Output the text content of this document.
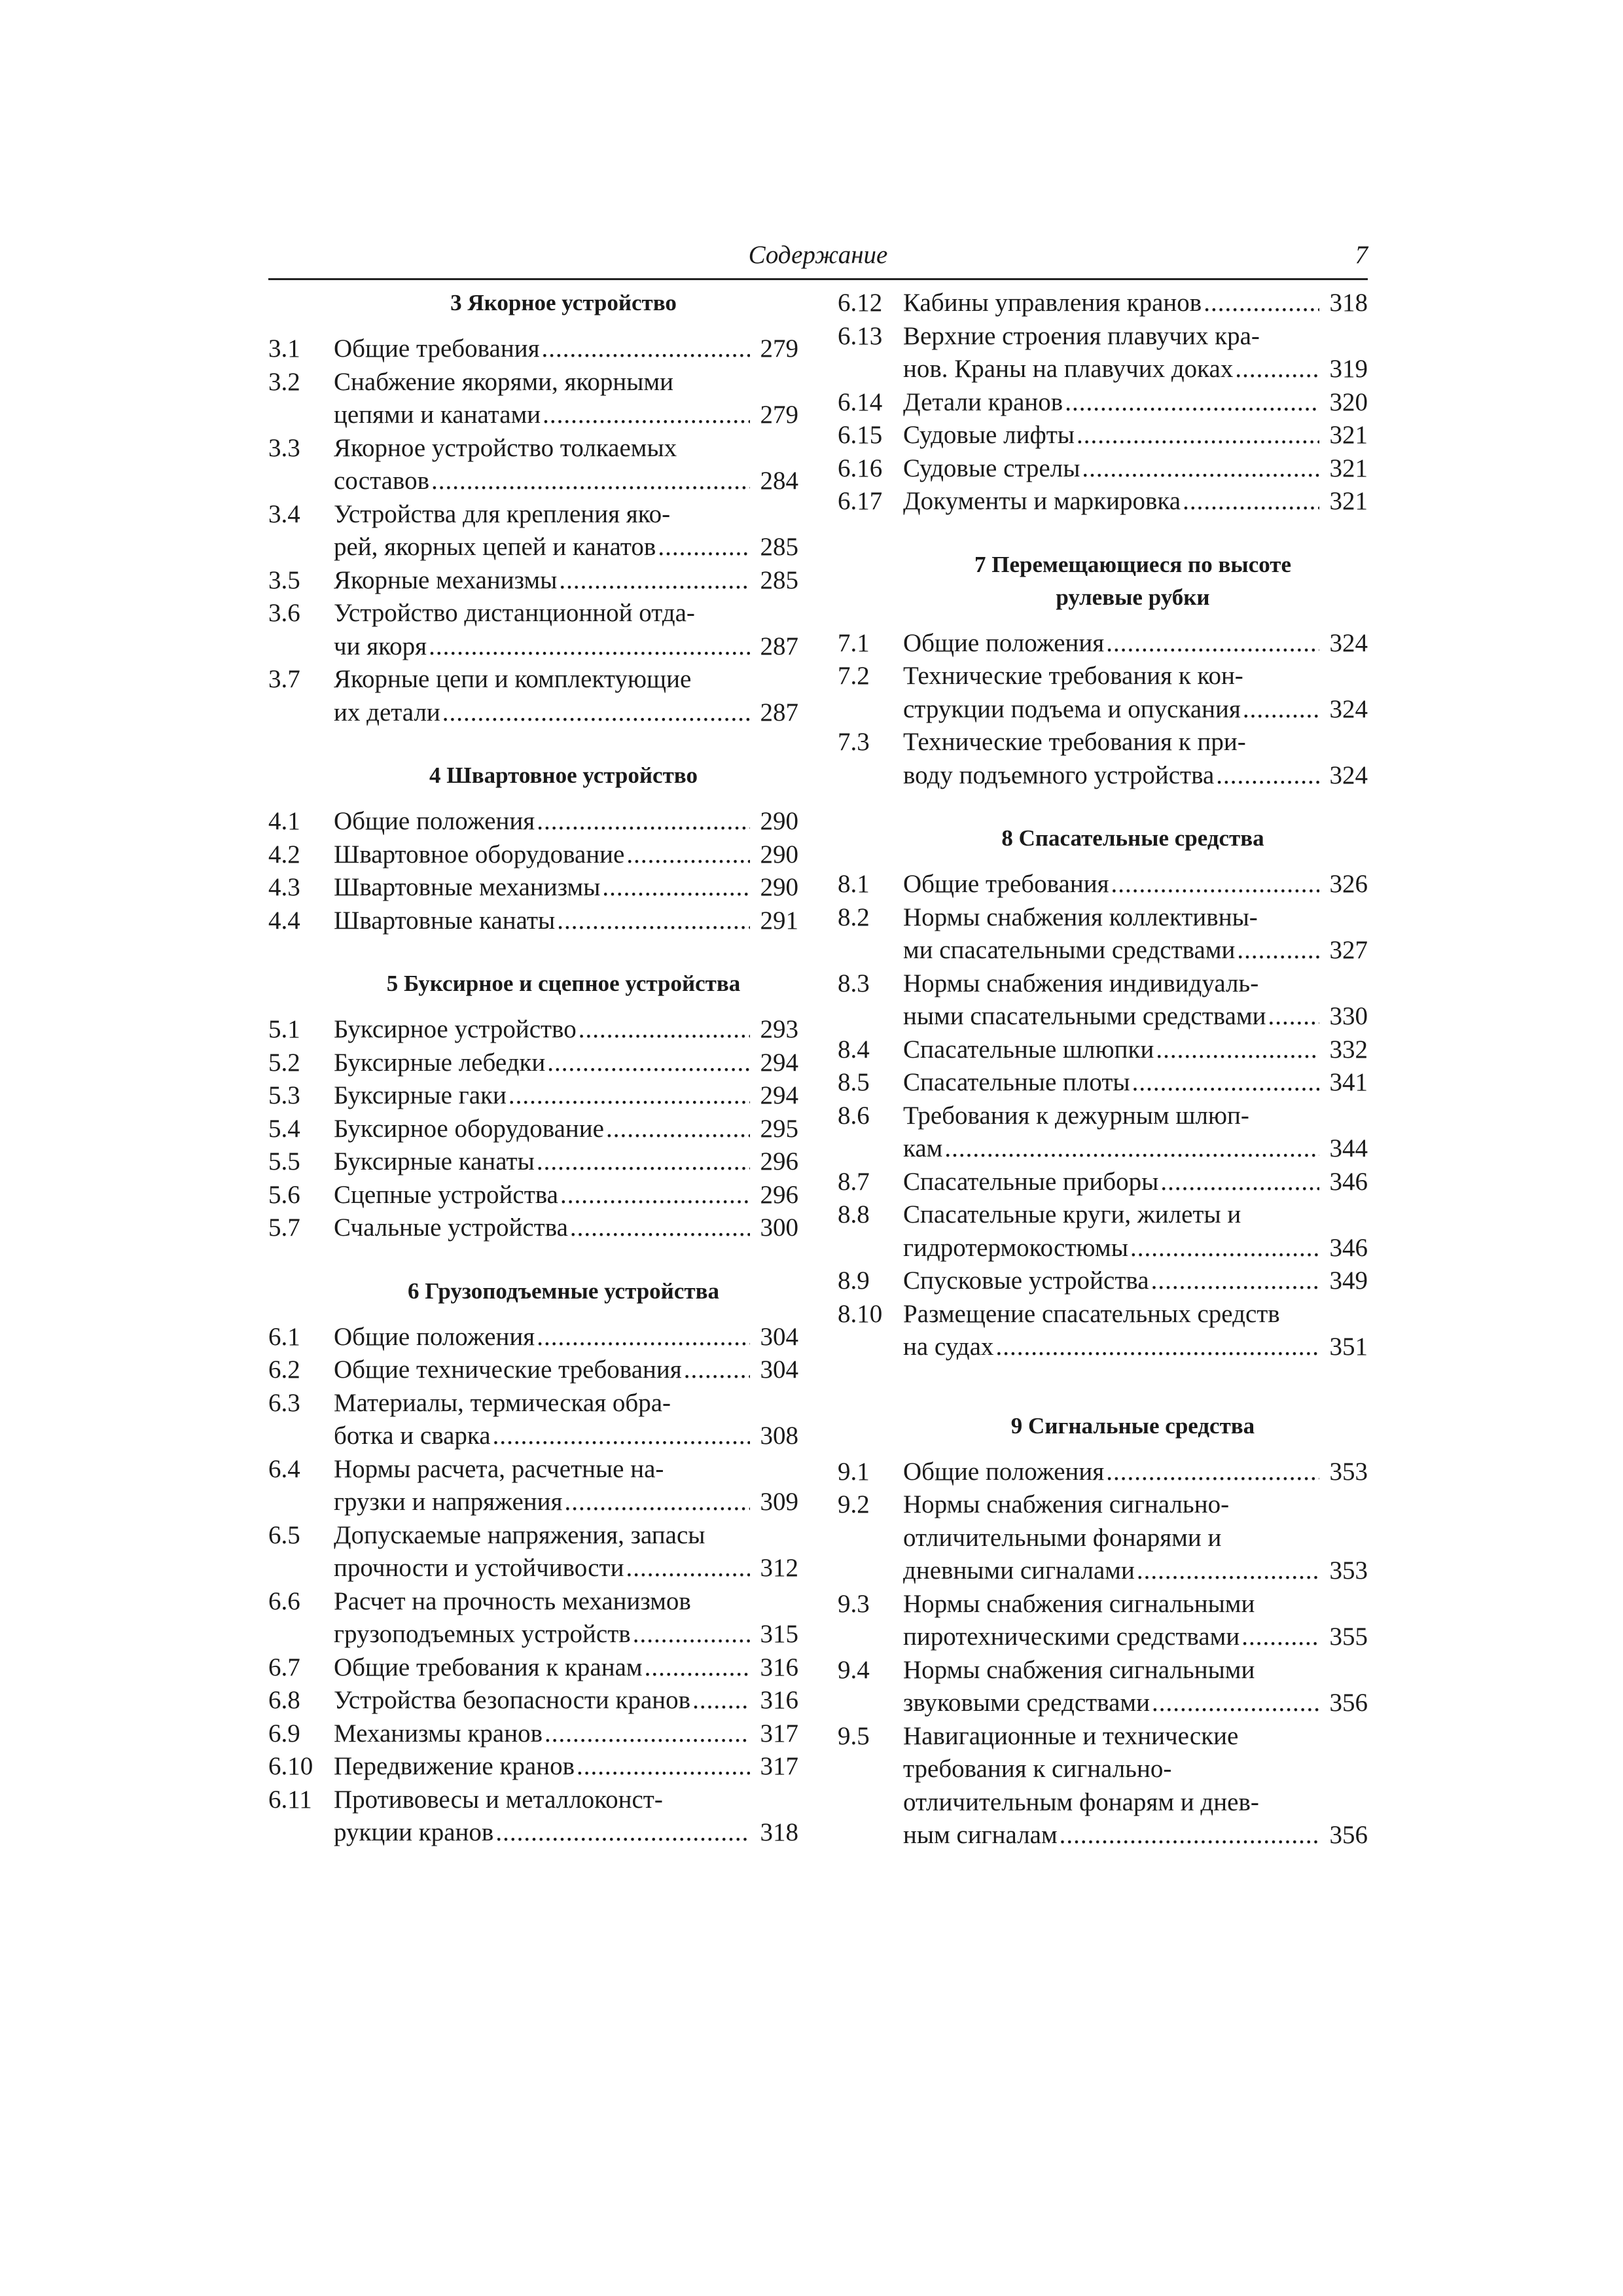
Содержание	7
3 Якорное устройство
3.1 Общие требования .....	279
3.2 Снабжение якорями, якорными
цепями и канатами .....	279
3.3 Якорное устройство толкаемых
составов .....	284
3.4 Устройства для крепления яко-
рей, якорных цепей и канатов .....	285
3.5 Якорные механизмы .....	285
3.6 Устройство дистанционной отда-
чи якоря .....	287
3.7 Якорные цепи и комплектующие
их детали .....	287
4 Швартовное устройство
4.1 Общие положения .....	290
4.2 Швартовное оборудование .....	290
4.3 Швартовные механизмы .....	290
4.4 Швартовные канаты .....	291
5 Буксирное и сцепное устройства
5.1 Буксирное устройство .....	293
5.2 Буксирные лебедки .....	294
5.3 Буксирные гаки .....	294
5.4 Буксирное оборудование .....	295
5.5 Буксирные канаты .....	296
5.6 Сцепные устройства .....	296
5.7 Счальные устройства .....	300
6 Грузоподъемные устройства
6.1 Общие положения .....	304
6.2 Общие технические требования .....	304
6.3 Материалы, термическая обра-
ботка и сварка .....	308
6.4 Нормы расчета, расчетные на-
грузки и напряжения .....	309
6.5 Допускаемые напряжения, запасы
прочности и устойчивости .....	312
6.6 Расчет на прочность механизмов
грузоподъемных устройств .....	315
6.7 Общие требования к кранам .....	316
6.8 Устройства безопасности кранов .....	316
6.9 Механизмы кранов .....	317
6.10 Передвижение кранов .....	317
6.11 Противовесы и металлоконст-
рукции кранов .....	318
6.12 Кабины управления кранов .....	318
6.13 Верхние строения плавучих кра-
нов. Краны на плавучих доках .....	319
6.14 Детали кранов .....	320
6.15 Судовые лифты .....	321
6.16 Судовые стрелы .....	321
6.17 Документы и маркировка .....	321
7 Перемещающиеся по высоте
рулевые рубки
7.1 Общие положения .....	324
7.2 Технические требования к кон-
струкции подъема и опускания .....	324
7.3 Технические требования к при-
воду подъемного устройства .....	324
8 Спасательные средства
8.1 Общие требования .....	326
8.2 Нормы снабжения коллективны-
ми спасательными средствами .....	327
8.3 Нормы снабжения индивидуаль-
ными спасательными средствами ..... 330
8.4 Спасательные шлюпки .....	332
8.5 Спасательные плоты .....	341
8.6 Требования к дежурным шлюп-
кам .....	344
8.7 Спасательные приборы .....	346
8.8 Спасательные круги, жилеты и
гидротермокостюмы .....	346
8.9 Спусковые устройства .....	349
8.10 Размещение спасательных средств
на судах .....	351
9 Сигнальные средства
9.1 Общие положения .....	353
9.2 Нормы снабжения сигнально-
отличительными фонарями и
дневными сигналами .....	353
9.3 Нормы снабжения сигнальными
пиротехническими средствами .....	355
9.4 Нормы снабжения сигнальными
звуковыми средствами .....	356
9.5 Навигационные и технические
требования к сигнально-
отличительным фонарям и днев-
ным сигналам .....	356
